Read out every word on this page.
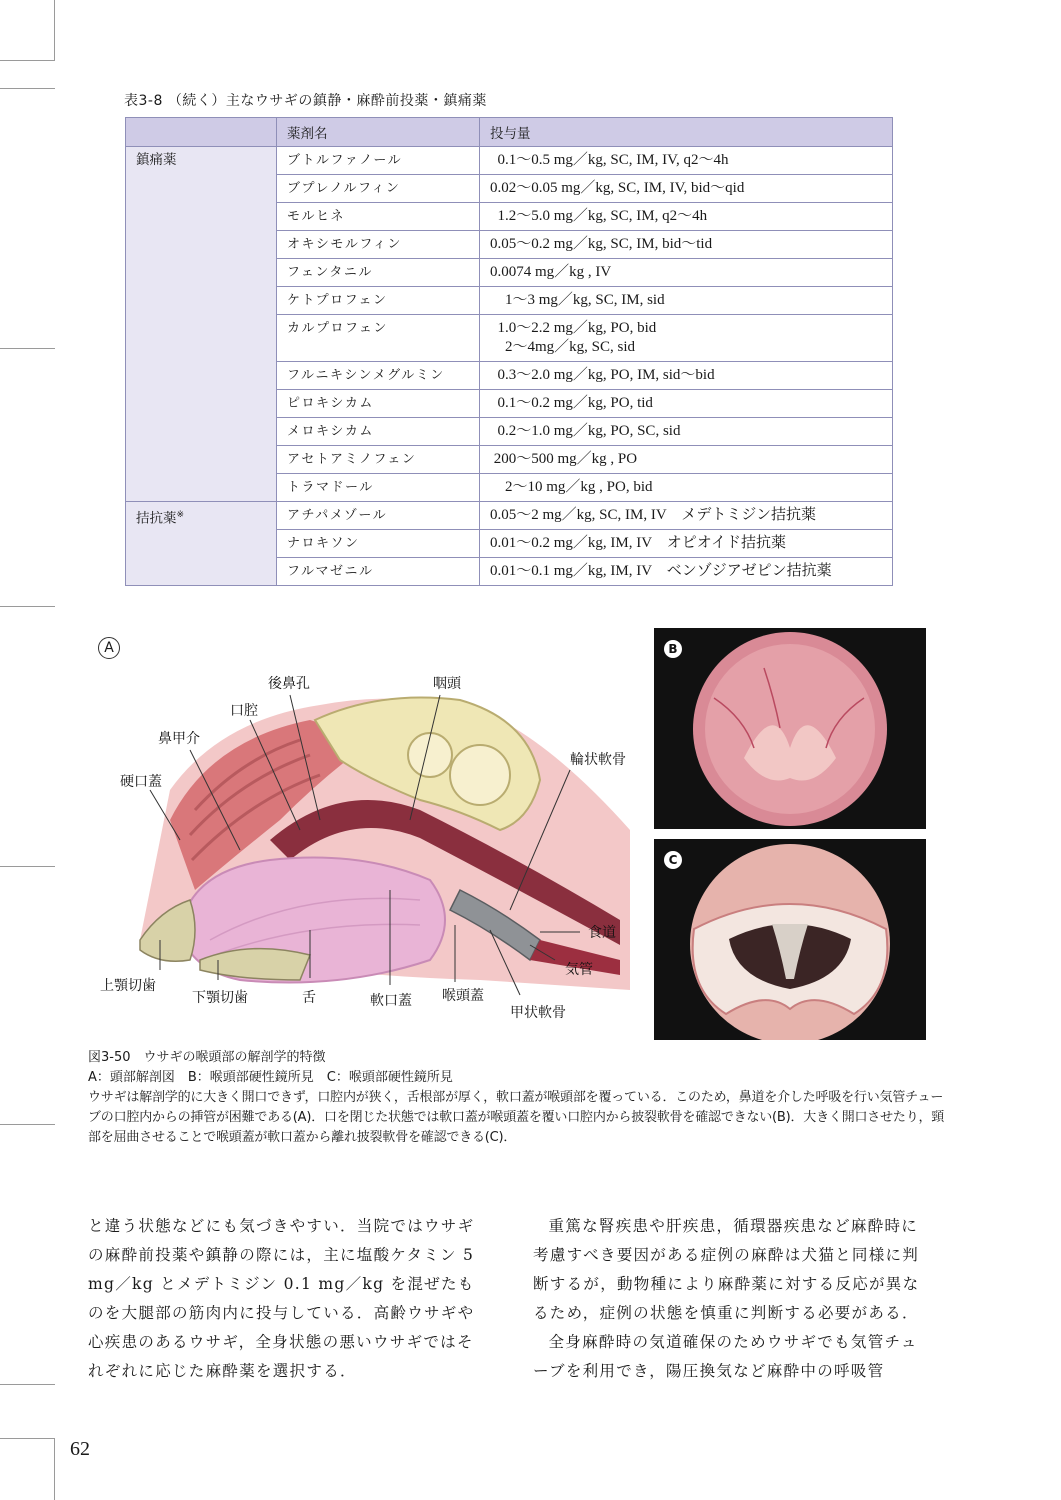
表3-8 （続く）主なウサギの鎮静・麻酔前投薬・鎮痛薬
	薬剤名	投与量
鎮痛薬	ブトルファノール	0.1～0.5 mg／kg, SC, IM, IV, q2～4h
	ブプレノルフィン	0.02～0.05 mg／kg, SC, IM, IV, bid～qid
	モルヒネ	1.2～5.0 mg／kg, SC, IM, q2～4h
	オキシモルフィン	0.05～0.2 mg／kg, SC, IM, bid～tid
	フェンタニル	0.0074 mg／kg , IV
	ケトプロフェン	1～3 mg／kg, SC, IM, sid
	カルプロフェン	1.0～2.2 mg／kg, PO, bid
2～4mg／kg, SC, sid
	フルニキシンメグルミン	0.3～2.0 mg／kg, PO, IM, sid～bid
	ピロキシカム	0.1～0.2 mg／kg, PO, tid
	メロキシカム	0.2～1.0 mg／kg, PO, SC, sid
	アセトアミノフェン	200～500 mg／kg , PO
	トラマドール	2～10 mg／kg , PO, bid
拮抗薬※	アチパメゾール	0.05～2 mg／kg, SC, IM, IV　メデトミジン拮抗薬
	ナロキソン	0.01～0.2 mg／kg, IM, IV　オピオイド拮抗薬
	フルマゼニル	0.01～0.1 mg／kg, IM, IV　ベンゾジアゼピン拮抗薬
A
後鼻孔	咽頭
口腔
鼻甲介
硬口蓋
輪状軟骨
食道
気管
上顎切歯
下顎切歯	舌	軟口蓋 喉頭蓋
甲状軟骨
B
C
図3-50　ウサギの喉頭部の解剖学的特徴
A：頭部解剖図　B：喉頭部硬性鏡所見　C：喉頭部硬性鏡所見
ウサギは解剖学的に大きく開口できず，口腔内が狭く，舌根部が厚く，軟口蓋が喉頭部を覆っている．このため，鼻道を介した呼吸を行い気管チューブの口腔内からの挿管が困難である(A)．口を閉じた状態では軟口蓋が喉頭蓋を覆い口腔内から披裂軟骨を確認できない(B)．大きく開口させたり，頸部を屈曲させることで喉頭蓋が軟口蓋から離れ披裂軟骨を確認できる(C)．

と違う状態などにも気づきやすい．当院ではウサギの麻酔前投薬や鎮静の際には，主に塩酸ケタミン 5 mg／kg とメデトミジン 0.1 mg／kg を混ぜたものを大腿部の筋肉内に投与している．高齢ウサギや心疾患のあるウサギ，全身状態の悪いウサギではそれぞれに応じた麻酔薬を選択する．

重篤な腎疾患や肝疾患，循環器疾患など麻酔時に考慮すべき要因がある症例の麻酔は犬猫と同様に判断するが，動物種により麻酔薬に対する反応が異なるため，症例の状態を慎重に判断する必要がある．

全身麻酔時の気道確保のためウサギでも気管チューブを利用でき，陽圧換気など麻酔中の呼吸管

62
